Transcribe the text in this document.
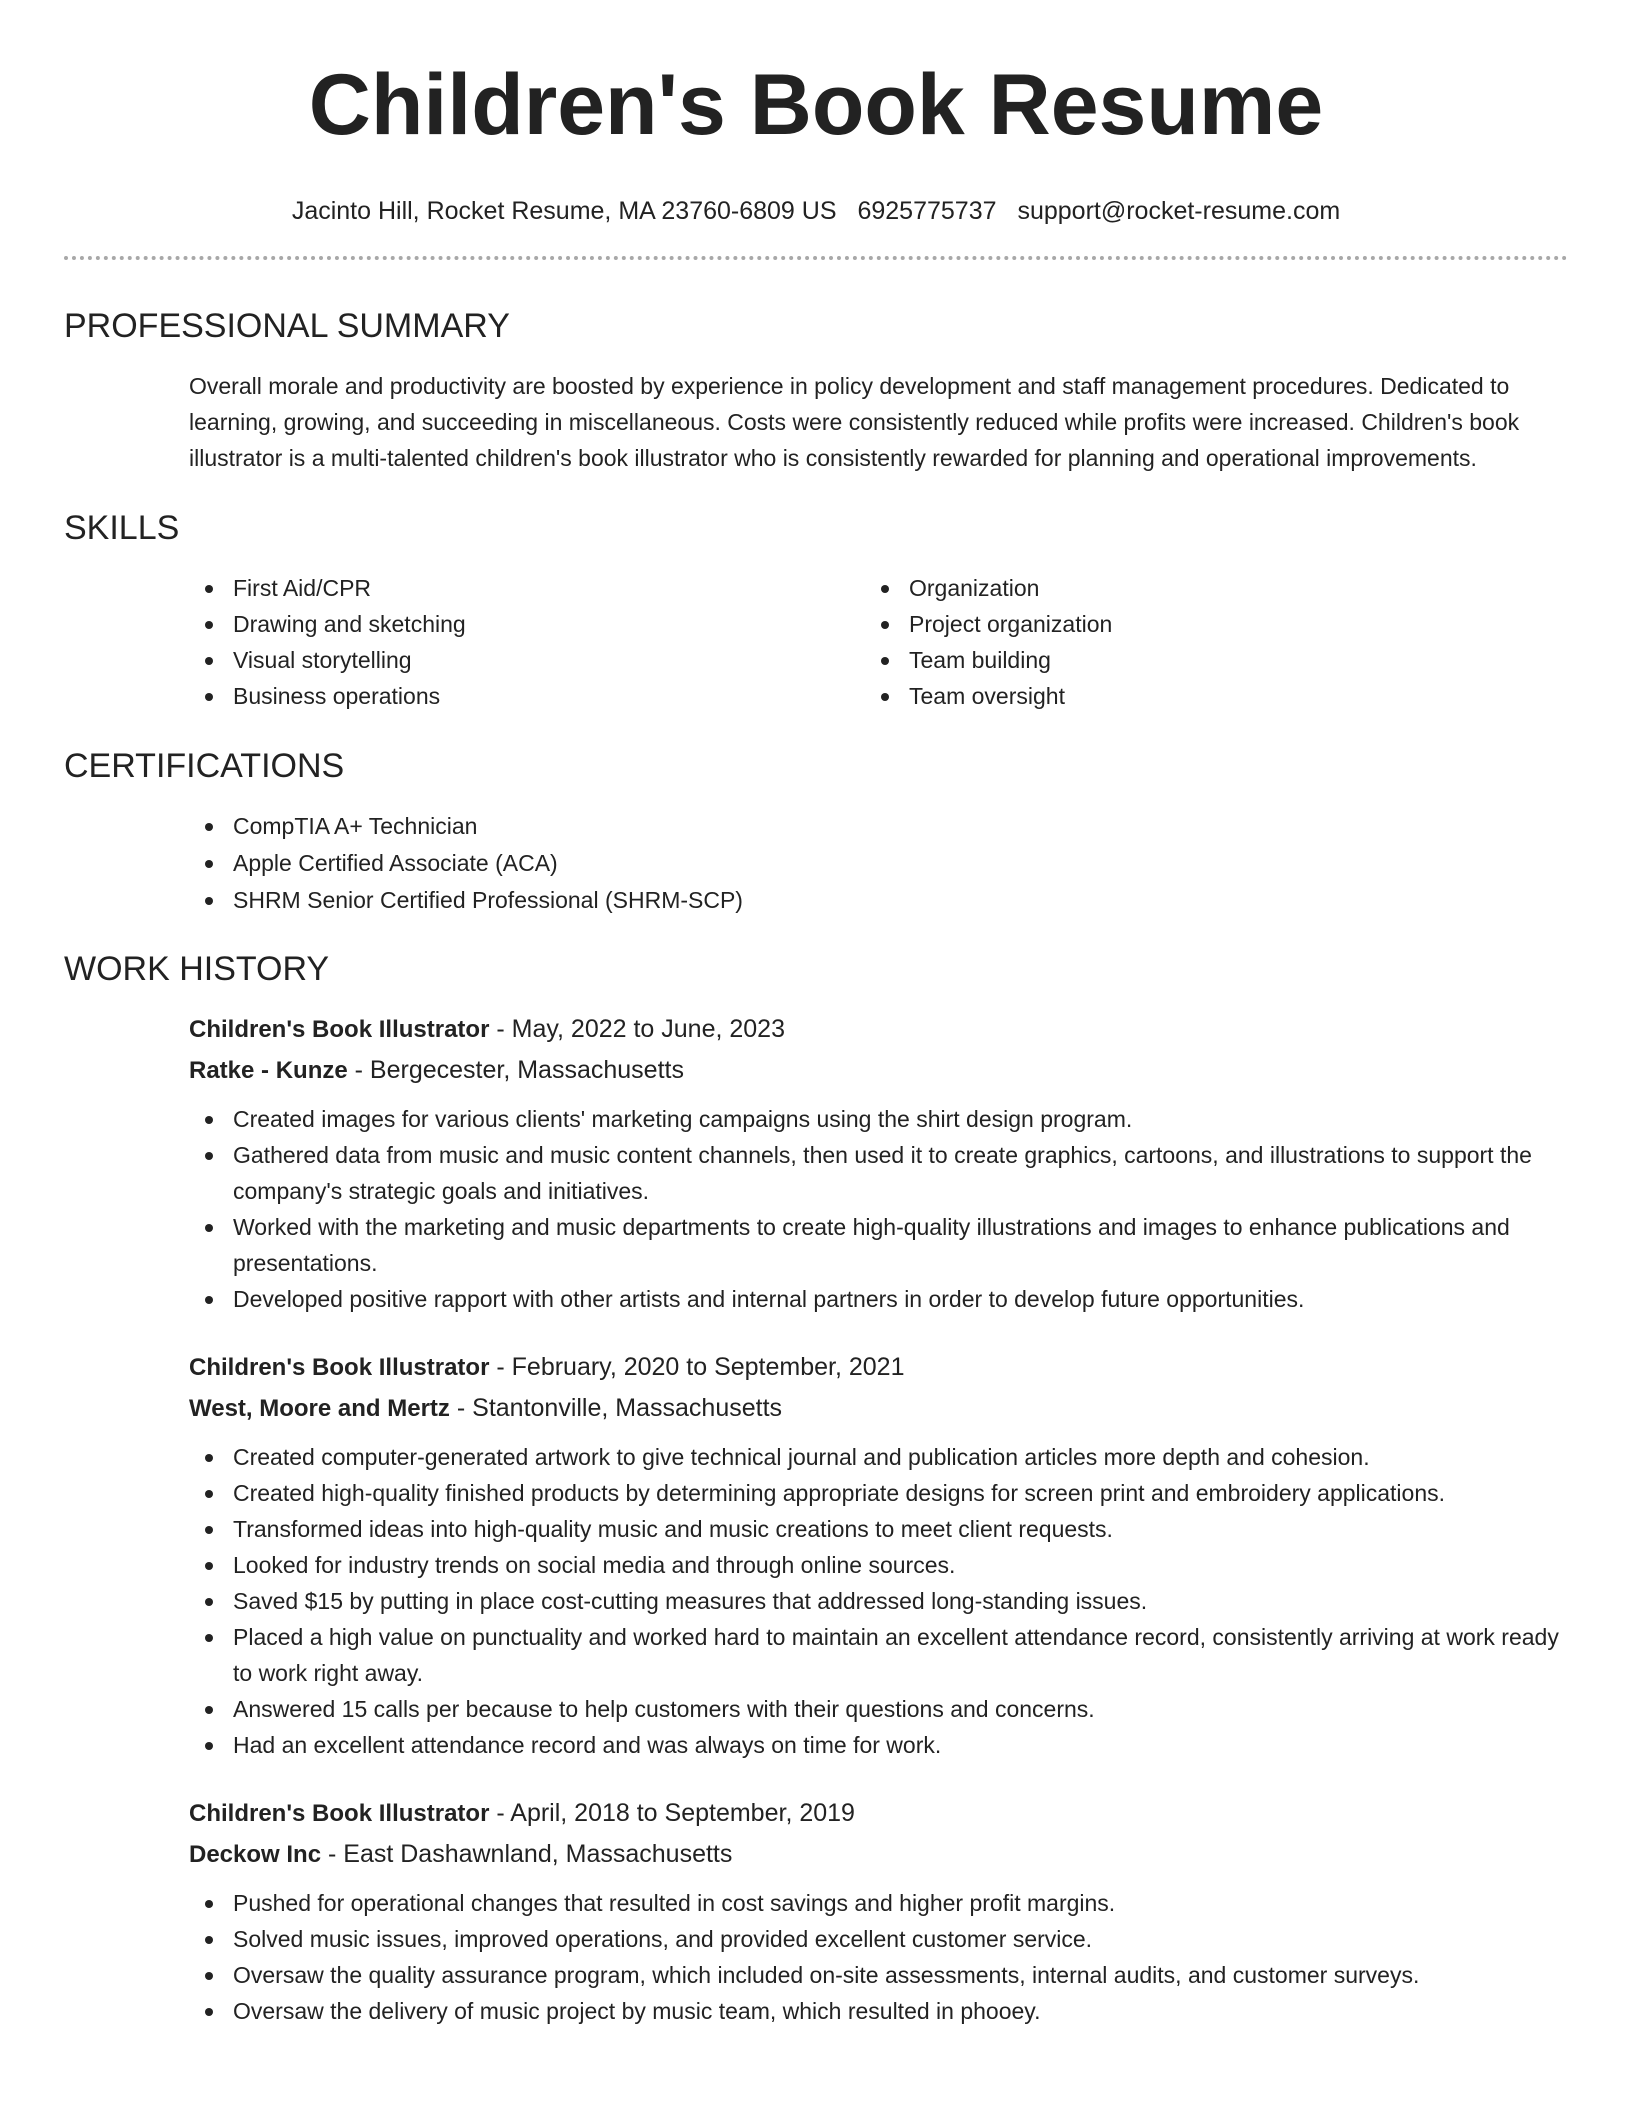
Children's Book Resume
Jacinto Hill, Rocket Resume, MA 23760-6809 US 6925775737 support@rocket-resume.com
PROFESSIONAL SUMMARY

Overall morale and productivity are boosted by experience in policy development and staff management procedures. Dedicated to learning, growing, and succeeding in miscellaneous. Costs were consistently reduced while profits were increased. Children's book illustrator is a multi-talented children's book illustrator who is consistently rewarded for planning and operational improvements.

SKILLS
First Aid/CPR
Drawing and sketching
Visual storytelling
Business operations
Organization
Project organization
Team building
Team oversight
CERTIFICATIONS
CompTIA A+ Technician
Apple Certified Associate (ACA)
SHRM Senior Certified Professional (SHRM-SCP)
WORK HISTORY
Children's Book Illustrator - May, 2022 to June, 2023
Ratke - Kunze - Bergecester, Massachusetts
Created images for various clients' marketing campaigns using the shirt design program.
Gathered data from music and music content channels, then used it to create graphics, cartoons, and illustrations to support the company's strategic goals and initiatives.
Worked with the marketing and music departments to create high-quality illustrations and images to enhance publications and presentations.
Developed positive rapport with other artists and internal partners in order to develop future opportunities.
Children's Book Illustrator - February, 2020 to September, 2021
West, Moore and Mertz - Stantonville, Massachusetts
Created computer-generated artwork to give technical journal and publication articles more depth and cohesion.
Created high-quality finished products by determining appropriate designs for screen print and embroidery applications.
Transformed ideas into high-quality music and music creations to meet client requests.
Looked for industry trends on social media and through online sources.
Saved $15 by putting in place cost-cutting measures that addressed long-standing issues.
Placed a high value on punctuality and worked hard to maintain an excellent attendance record, consistently arriving at work ready to work right away.
Answered 15 calls per because to help customers with their questions and concerns.
Had an excellent attendance record and was always on time for work.
Children's Book Illustrator - April, 2018 to September, 2019
Deckow Inc - East Dashawnland, Massachusetts
Pushed for operational changes that resulted in cost savings and higher profit margins.
Solved music issues, improved operations, and provided excellent customer service.
Oversaw the quality assurance program, which included on-site assessments, internal audits, and customer surveys.
Oversaw the delivery of music project by music team, which resulted in phooey.
